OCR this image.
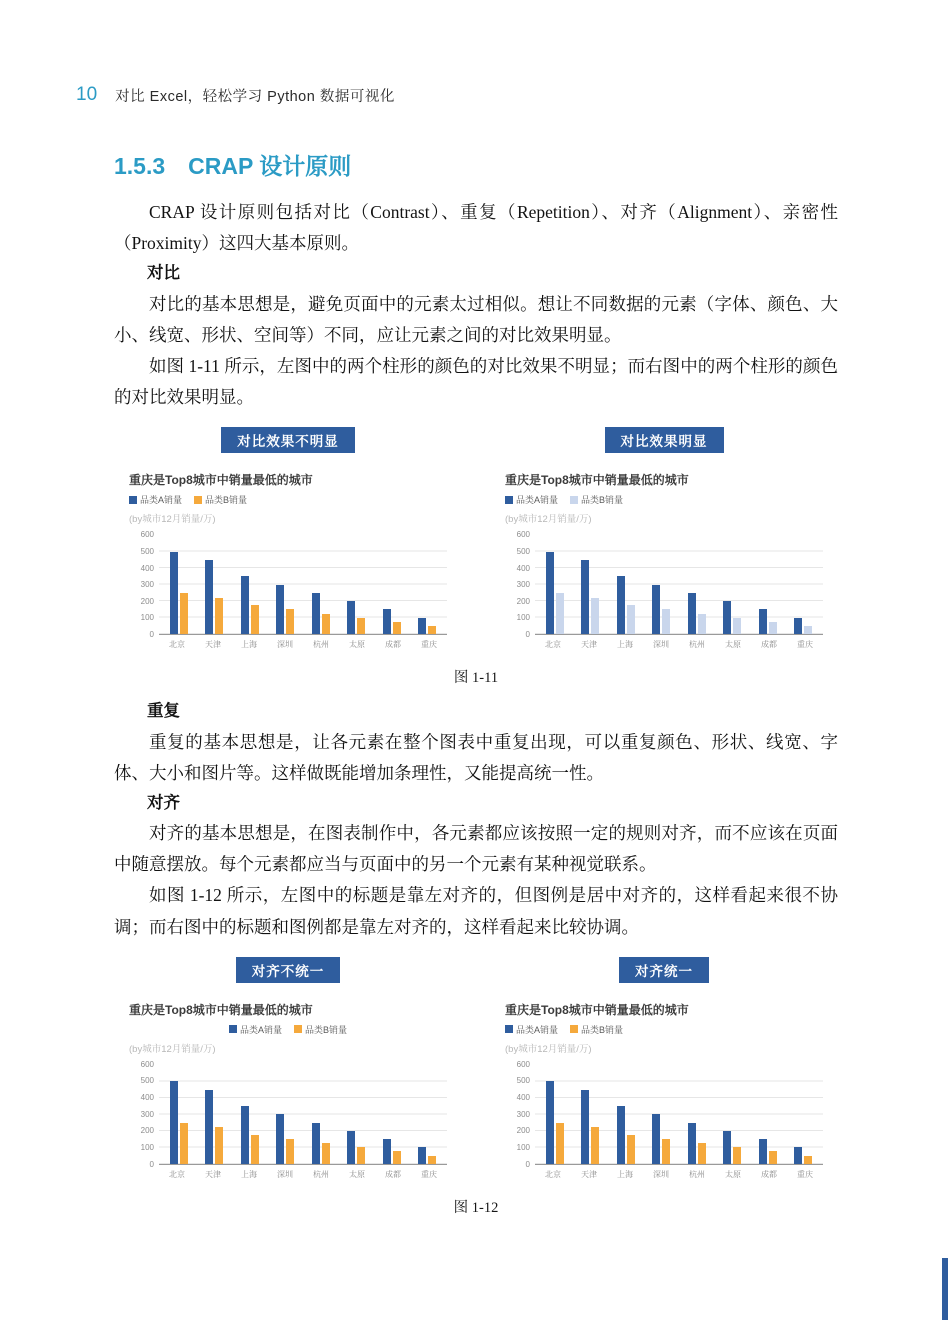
10 对比 Excel，轻松学习 Python 数据可视化
1.5.3　CRAP 设计原则

CRAP 设计原则包括对比（Contrast）、重复（Repetition）、对齐（Alignment）、亲密性（Proximity）这四大基本原则。

对比

对比的基本思想是，避免页面中的元素太过相似。想让不同数据的元素（字体、颜色、大小、线宽、形状、空间等）不同，应让元素之间的对比效果明显。

如图 1-11 所示，左图中的两个柱形的颜色的对比效果不明显；而右图中的两个柱形的颜色的对比效果明显。

对比效果不明显
重庆是Top8城市中销量最低的城市
品类A销量	品类B销量
(by城市12月销量/万)
600
500
400
300
200
100
0
北京	天津	上海	深圳	杭州	太原	成都	重庆
对比效果明显
重庆是Top8城市中销量最低的城市
品类A销量	品类B销量
(by城市12月销量/万)
600
500
400
300
200
100
0
北京	天津	上海	深圳	杭州	太原	成都	重庆
图 1-11

重复

重复的基本思想是，让各元素在整个图表中重复出现，可以重复颜色、形状、线宽、字体、大小和图片等。这样做既能增加条理性，又能提高统一性。

对齐

对齐的基本思想是，在图表制作中，各元素都应该按照一定的规则对齐，而不应该在页面中随意摆放。每个元素都应当与页面中的另一个元素有某种视觉联系。

如图 1-12 所示，左图中的标题是靠左对齐的，但图例是居中对齐的，这样看起来很不协调；而右图中的标题和图例都是靠左对齐的，这样看起来比较协调。

对齐不统一
重庆是Top8城市中销量最低的城市
品类A销量	品类B销量
(by城市12月销量/万)
600
500
400
300
200
100
0
北京	天津	上海	深圳	杭州	太原	成都	重庆
对齐统一
重庆是Top8城市中销量最低的城市
品类A销量	品类B销量
(by城市12月销量/万)
600
500
400
300
200
100
0
北京	天津	上海	深圳	杭州	太原	成都	重庆
图 1-12
